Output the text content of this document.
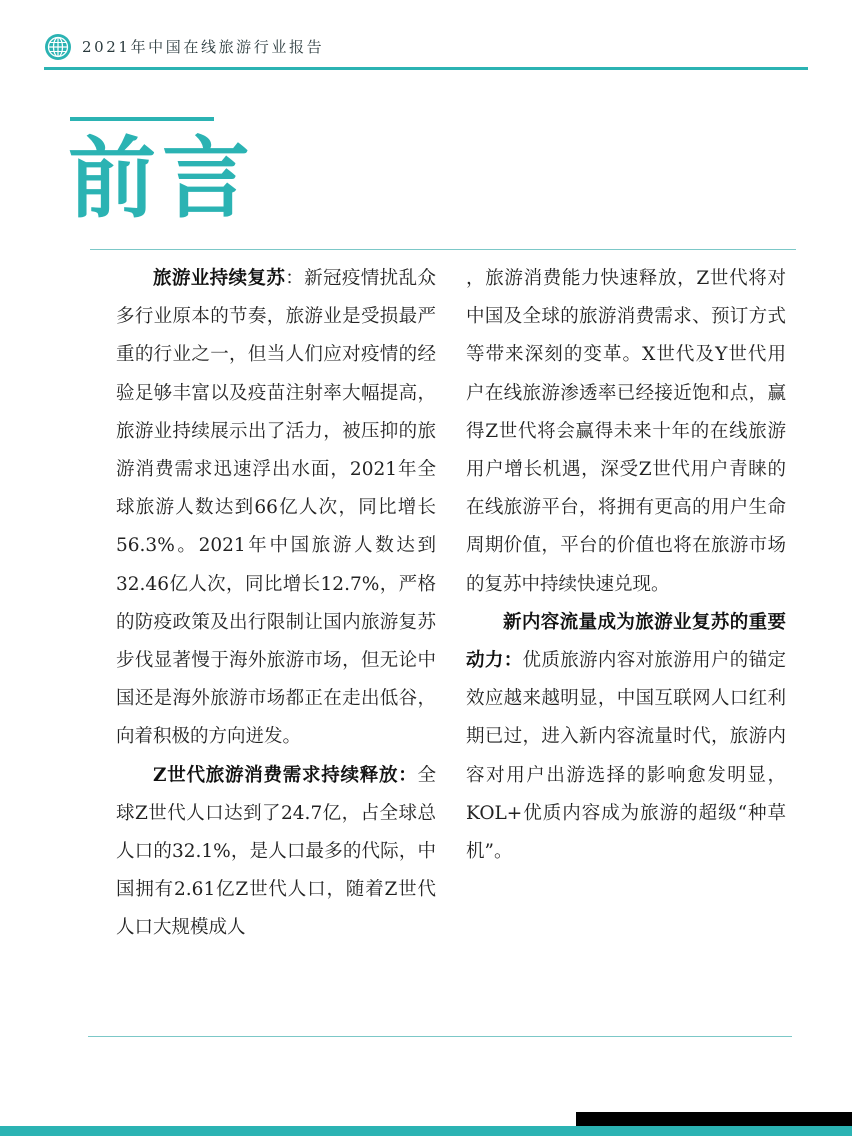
2021年中国在线旅游行业报告
前言

旅游业持续复苏：新冠疫情扰乱众多行业原本的节奏，旅游业是受损最严重的行业之一，但当人们应对疫情的经验足够丰富以及疫苗注射率大幅提高，旅游业持续展示出了活力，被压抑的旅游消费需求迅速浮出水面，2021年全球旅游人数达到66亿人次，同比增长56.3%。2021年中国旅游人数达到32.46亿人次，同比增长12.7%，严格的防疫政策及出行限制让国内旅游复苏步伐显著慢于海外旅游市场，但无论中国还是海外旅游市场都正在走出低谷，向着积极的方向迸发。

Z世代旅游消费需求持续释放：全球Z世代人口达到了24.7亿，占全球总人口的32.1%，是人口最多的代际，中国拥有2.61亿Z世代人口，随着Z世代人口大规模成人

，旅游消费能力快速释放，Z世代将对中国及全球的旅游消费需求、预订方式等带来深刻的变革。X世代及Y世代用户在线旅游渗透率已经接近饱和点，赢得Z世代将会赢得未来十年的在线旅游用户增长机遇，深受Z世代用户青睐的在线旅游平台，将拥有更高的用户生命周期价值，平台的价值也将在旅游市场的复苏中持续快速兑现。

新内容流量成为旅游业复苏的重要动力：优质旅游内容对旅游用户的锚定效应越来越明显，中国互联网人口红利期已过，进入新内容流量时代，旅游内容对用户出游选择的影响愈发明显，KOL+优质内容成为旅游的超级“种草机”。
